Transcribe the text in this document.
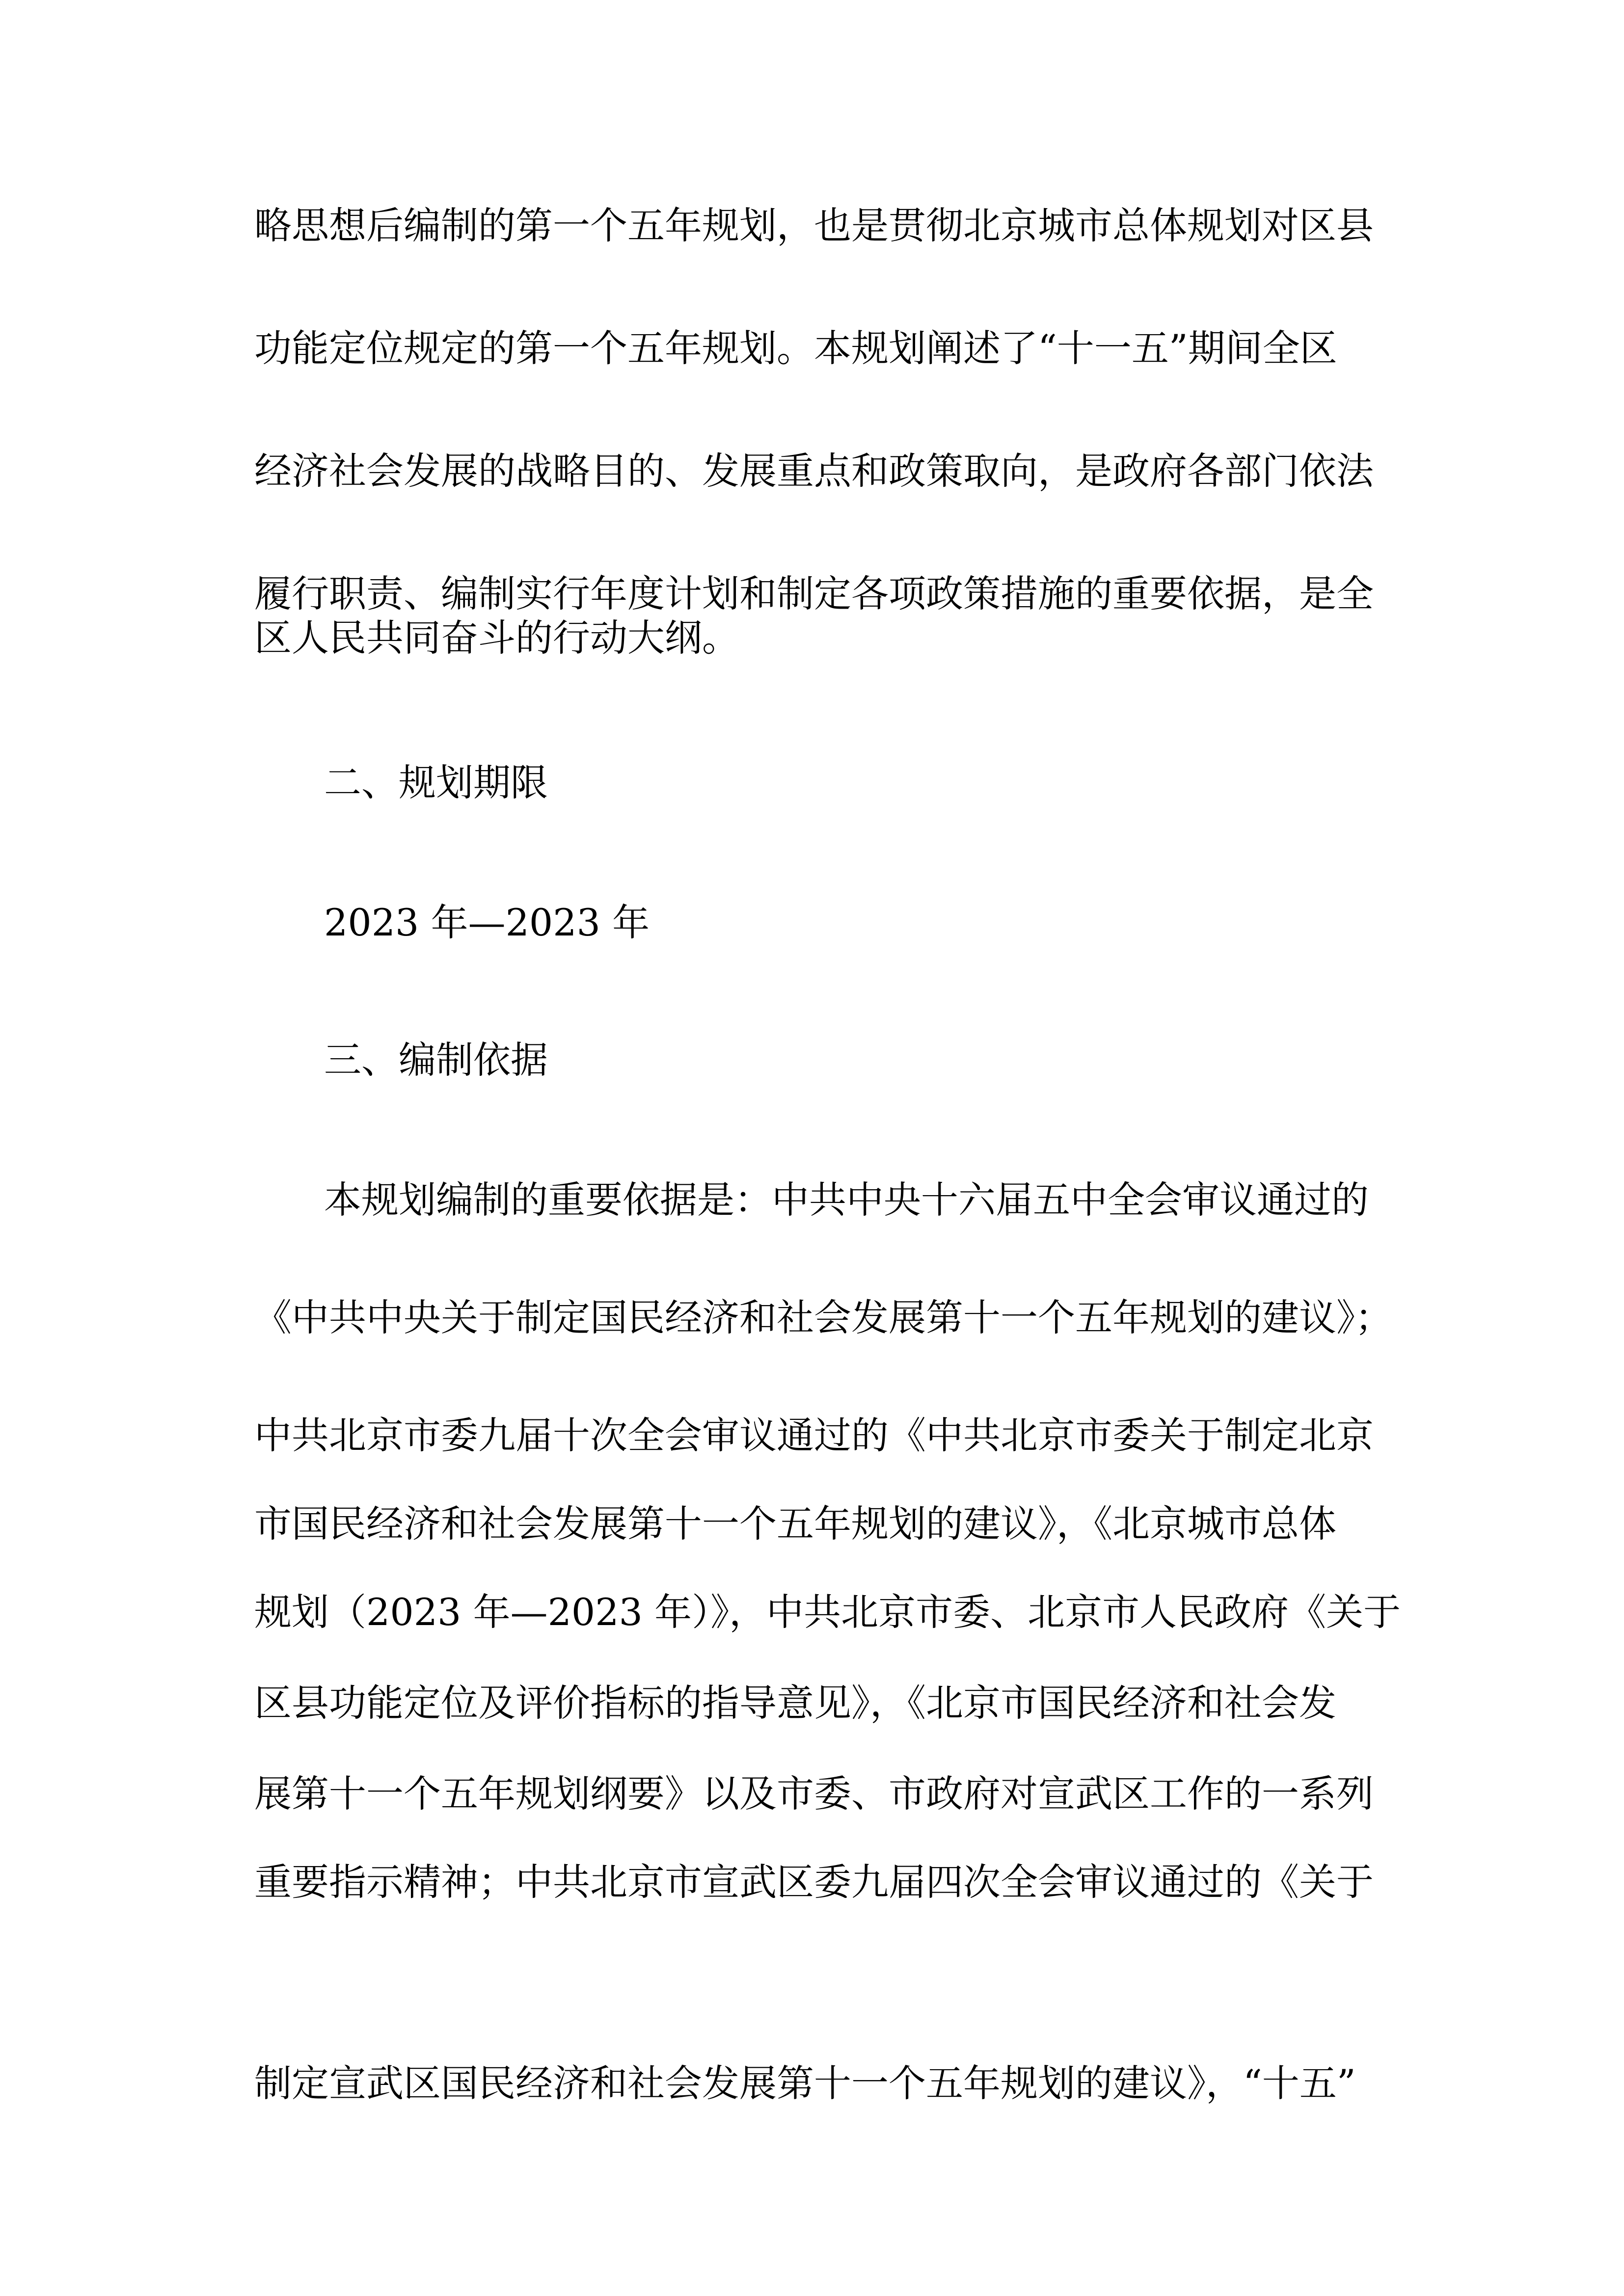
略思想后编制的第一个五年规划，也是贯彻北京城市总体规划对区县
功能定位规定的第一个五年规划。本规划阐述了“十一五”期间全区
经济社会发展的战略目的、发展重点和政策取向，是政府各部门依法
履行职责、编制实行年度计划和制定各项政策措施的重要依据，是全
区人民共同奋斗的行动大纲。
二、规划期限
2023 年—2023 年
三、编制依据
本规划编制的重要依据是：中共中央十六届五中全会审议通过的
《中共中央关于制定国民经济和社会发展第十一个五年规划的建议》；
中共北京市委九届十次全会审议通过的《中共北京市委关于制定北京
市国民经济和社会发展第十一个五年规划的建议》，《北京城市总体
规划（2023 年—2023 年）》，中共北京市委、北京市人民政府《关于
区县功能定位及评价指标的指导意见》，《北京市国民经济和社会发
展第十一个五年规划纲要》以及市委、市政府对宣武区工作的一系列
重要指示精神；中共北京市宣武区委九届四次全会审议通过的《关于
制定宣武区国民经济和社会发展第十一个五年规划的建议》，“十五”
